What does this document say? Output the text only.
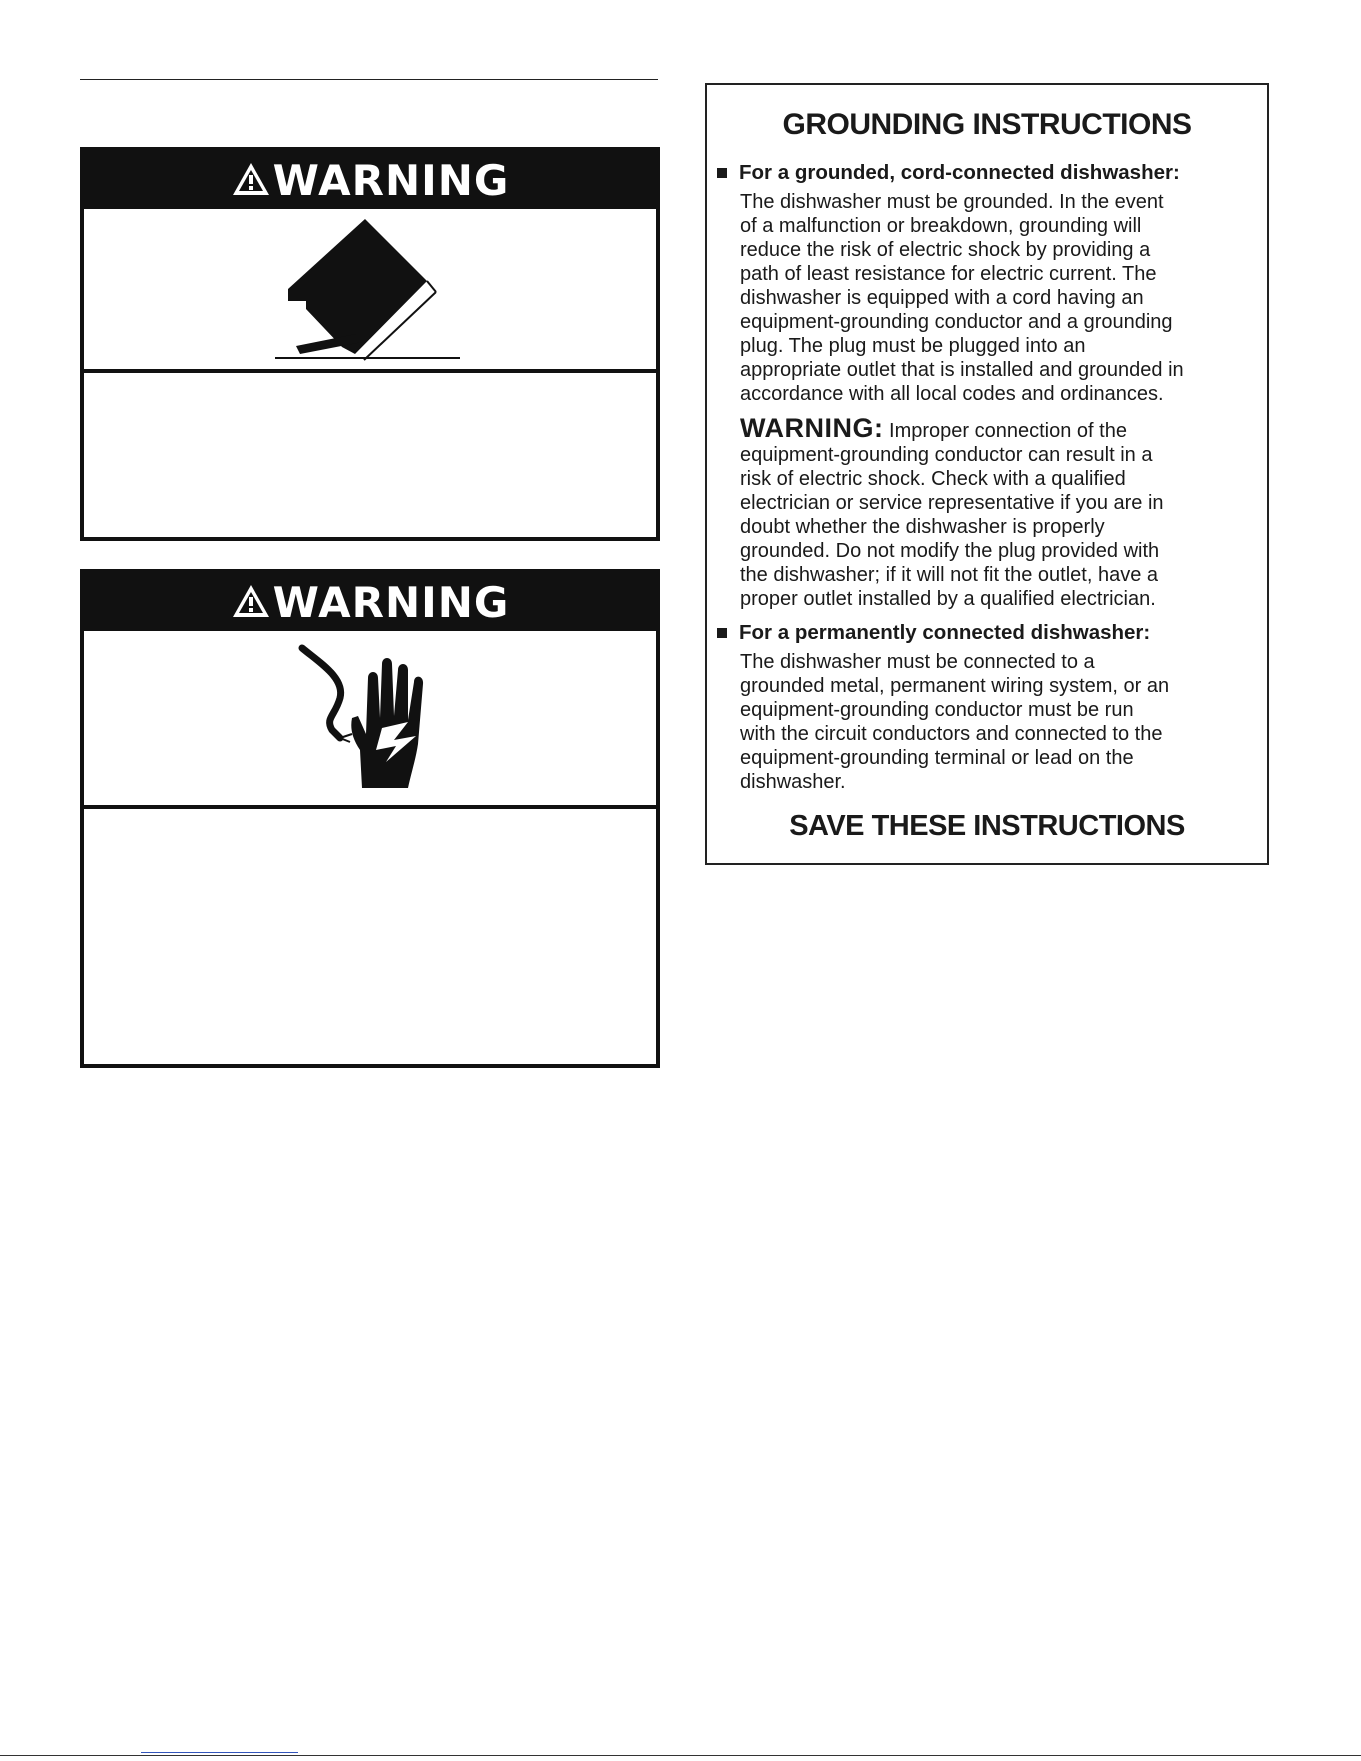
WARNING
WARNING
GROUNDING INSTRUCTIONS
For a grounded, cord-connected dishwasher:

The dishwasher must be grounded. In the event
of a malfunction or breakdown, grounding will
reduce the risk of electric shock by providing a
path of least resistance for electric current. The
dishwasher is equipped with a cord having an
equipment-grounding conductor and a grounding
plug. The plug must be plugged into an
appropriate outlet that is installed and grounded in
accordance with all local codes and ordinances.

WARNING: Improper connection of the
equipment-grounding conductor can result in a
risk of electric shock. Check with a qualified
electrician or service representative if you are in
doubt whether the dishwasher is properly
grounded. Do not modify the plug provided with
the dishwasher; if it will not fit the outlet, have a
proper outlet installed by a qualified electrician.

For a permanently connected dishwasher:

The dishwasher must be connected to a
grounded metal, permanent wiring system, or an
equipment-grounding conductor must be run
with the circuit conductors and connected to the
equipment-grounding terminal or lead on the
dishwasher.

SAVE THESE INSTRUCTIONS
